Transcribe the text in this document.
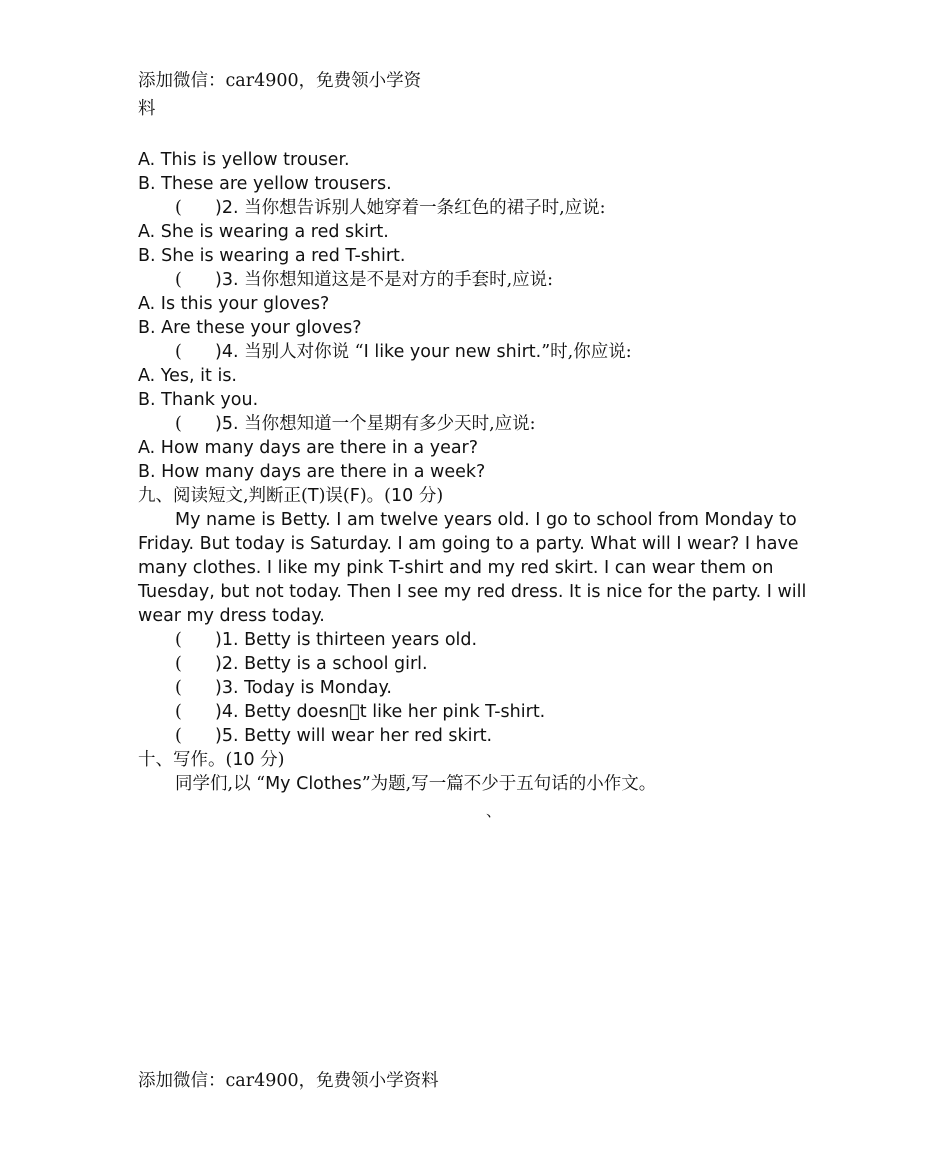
添加微信：car4900，免费领小学资
料
A. This is yellow trouser.
B. These are yellow trousers.
( )2. 当你想告诉别人她穿着一条红色的裙子时,应说:
A. She is wearing a red skirt.
B. She is wearing a red T-shirt.
( )3. 当你想知道这是不是对方的手套时,应说:
A. Is this your gloves?
B. Are these your gloves?
( )4. 当别人对你说 “I like your new shirt.”时,你应说:
A. Yes, it is.
B. Thank you.
( )5. 当你想知道一个星期有多少天时,应说:
A. How many days are there in a year?
B. How many days are there in a week?
九、阅读短文,判断正(T)误(F)。(10 分)
My name is Betty. I am twelve years old. I go to school from Monday to Friday. But today is Saturday. I am going to a party. What will I wear? I have many clothes. I like my pink T-shirt and my red skirt. I can wear them on Tuesday, but not today. Then I see my red dress. It is nice for the party. I will wear my dress today.
( )1. Betty is thirteen years old.
( )2. Betty is a school girl.
( )3. Today is Monday.
( )4. Betty doesn t like her pink T-shirt.
( )5. Betty will wear her red skirt.
十、写作。(10 分)
同学们,以 “My Clothes”为题,写一篇不少于五句话的小作文。
、
添加微信：car4900，免费领小学资料
